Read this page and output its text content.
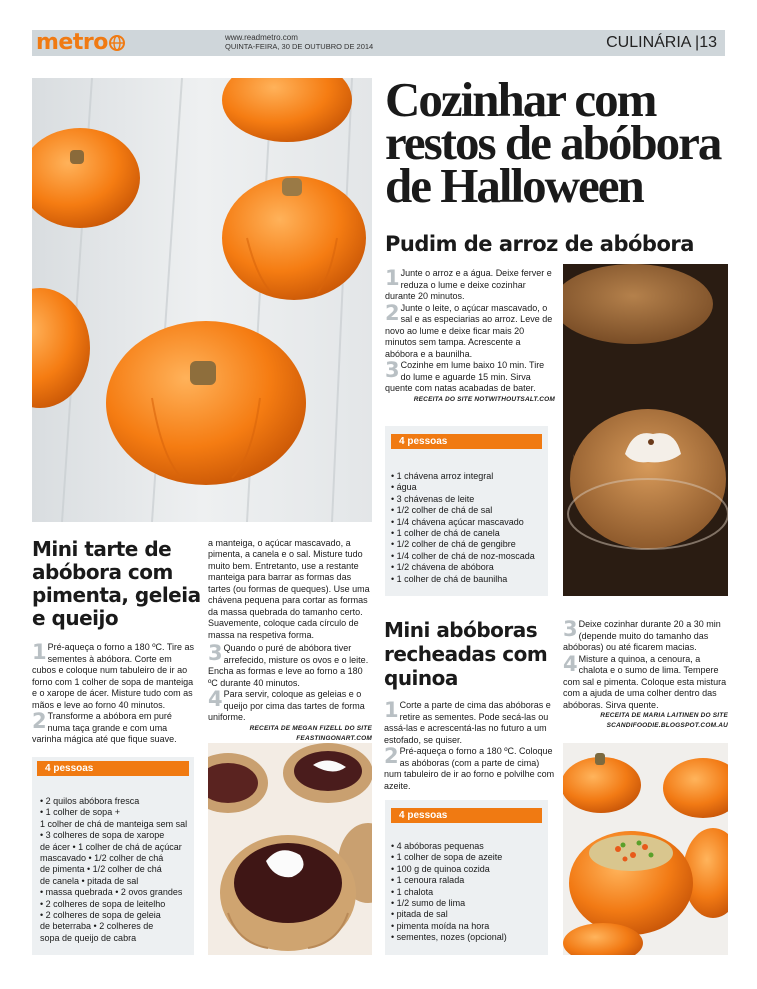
metro	www.readmetro.com
QUINTA-FEIRA, 30 DE OUTUBRO DE 2014	CULINÁRIA |13
Cozinhar com
restos de abóbora
de Halloween
Pudim de arroz de abóbora

1 Junte o arroz e a água. Deixe ferver e reduza o lume e deixe cozinhar durante 20 minutos.

2 Junte o leite, o açúcar mascavado, o sal e as especiarias ao arroz. Leve de novo ao lume e deixe ficar mais 20 minutos sem tampa. Acrescente a abóbora e a baunilha.

3 Cozinhe em lume baixo 10 min. Tire do lume e aguarde 15 min. Sirva quente com natas acabadas de bater.

RECEITA DO SITE NOTWITHOUTSALT.COM
4 pessoas
• 1 chávena arroz integral
• água
• 3 chávenas de leite
• 1/2 colher de chá de sal
• 1/4 chávena açúcar mascavado
• 1 colher de chá de canela
• 1/2 colher de chá de gengibre
• 1/4 colher de chá de noz-moscada
• 1/2 chávena de abóbora
• 1 colher de chá de baunilha
Mini tarte de abóbora com pimenta, geleia e queijo

1 Pré-aqueça o forno a 180 ºC. Tire as sementes à abóbora. Corte em cubos e coloque num tabuleiro de ir ao forno com 1 colher de sopa de manteiga e o xarope de ácer. Misture tudo com as mãos e leve ao forno 40 minutos.

2 Transforme a abóbora em puré numa taça grande e com uma varinha mágica até que fique suave.

a manteiga, o açúcar mascavado, a pimenta, a canela e o sal. Misture tudo muito bem. Entretanto, use a restante manteiga para barrar as formas das tartes (ou formas de queques). Use uma chávena pequena para cortar as formas da massa quebrada do tamanho certo. Suavemente, coloque cada círculo de massa na respetiva forma.

3 Quando o puré de abóbora tiver arrefecido, misture os ovos e o leite. Encha as formas e leve ao forno a 180 ºC durante 40 minutos.

4 Para servir, coloque as geleias e o queijo por cima das tartes de forma uniforme.

RECEITA DE MEGAN FIZELL DO SITE
FEASTINGONART.COM
4 pessoas
• 2 quilos abóbora fresca
• 1 colher de sopa +
1 colher de chá de manteiga sem sal
• 3 colheres de sopa de xarope
de ácer • 1 colher de chá de açúcar
mascavado • 1/2 colher de chá
de pimenta • 1/2 colher de chá
de canela • pitada de sal
• massa quebrada • 2 ovos grandes
• 2 colheres de sopa de leitelho
• 2 colheres de sopa de geleia
de beterraba • 2 colheres de
sopa de queijo de cabra
Mini abóboras recheadas com quinoa

1 Corte a parte de cima das abóboras e retire as sementes. Pode secá-las ou assá-las e acrescentá-las no futuro a um estofado, se quiser.

2 Pré-aqueça o forno a 180 ºC. Coloque as abóboras (com a parte de cima) num tabuleiro de ir ao forno e polvilhe com azeite.

3 Deixe cozinhar durante 20 a 30 min (depende muito do tamanho das abóboras) ou até ficarem macias.

4 Misture a quinoa, a cenoura, a chalota e o sumo de lima. Tempere com sal e pimenta. Coloque esta mistura com a ajuda de uma colher dentro das abóboras. Sirva quente.

RECEITA DE MARIA LAITINEN DO SITE
SCANDIFOODIE.BLOGSPOT.COM.AU
4 pessoas
• 4 abóboras pequenas
• 1 colher de sopa de azeite
• 100 g de quinoa cozida
• 1 cenoura ralada
• 1 chalota
• 1/2 sumo de lima
• pitada de sal
• pimenta moída na hora
• sementes, nozes (opcional)
